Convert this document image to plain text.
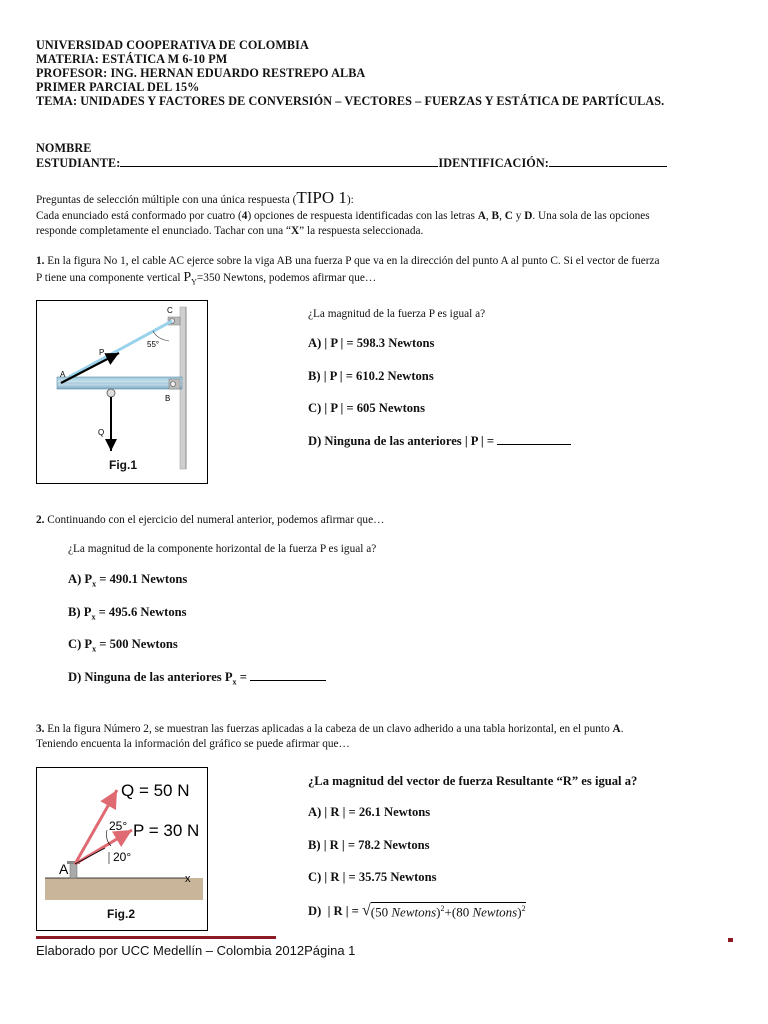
UNIVERSIDAD COOPERATIVA DE COLOMBIA
MATERIA: ESTÁTICA M 6-10 PM
PROFESOR: ING. HERNAN EDUARDO RESTREPO ALBA
PRIMER PARCIAL DEL 15%
TEMA: UNIDADES Y FACTORES DE CONVERSIÓN – VECTORES – FUERZAS Y ESTÁTICA DE PARTÍCULAS.
NOMBRE
ESTUDIANTE:	IDENTIFICACIÓN:
Preguntas de selección múltiple con una única respuesta (TIPO 1):
Cada enunciado está conformado por cuatro (4) opciones de respuesta identificadas con las letras A, B, C y D. Una sola de las opciones
responde completamente el enunciado. Tachar con una “X” la respuesta seleccionada.
1. En la figura No 1, el cable AC ejerce sobre la viga AB una fuerza P que va en la dirección del punto A al punto C. Si el vector de fuerza
P tiene una componente vertical $P_Y=350$ Newtons, podemos afirmar que…
C
55°
P
A
B
Q
Fig.1
¿La magnitud de la fuerza P es igual a?
A) | P | = 598.3 Newtons
B) | P | = 610.2 Newtons
C) | P | = 605 Newtons
D) Ninguna de las anteriores | P | =
2. Continuando con el ejercicio del numeral anterior, podemos afirmar que…
¿La magnitud de la componente horizontal de la fuerza P es igual a?
A) $P_x = 490.1$ Newtons
B) $P_x = 495.6$ Newtons
C) $P_x = 500$ Newtons
D) Ninguna de las anteriores $P_x$ =
3. En la figura Número 2, se muestran las fuerzas aplicadas a la cabeza de un clavo adherido a una tabla horizontal, en el punto A.
Teniendo encuenta la información del gráfico se puede afirmar que…
Q = 50 N
P = 30 N
25°
20°
A
x
Fig.2
¿La magnitud del vector de fuerza Resultante “R” es igual a?
A) | R | = 26.1 Newtons
B) | R | = 78.2 Newtons
C) | R | = 35.75 Newtons
D)  | R | = √ (50 Newtons)$^2$+(80 Newtons)$^2$
Elaborado por UCC Medellín – Colombia 2012Página 1
